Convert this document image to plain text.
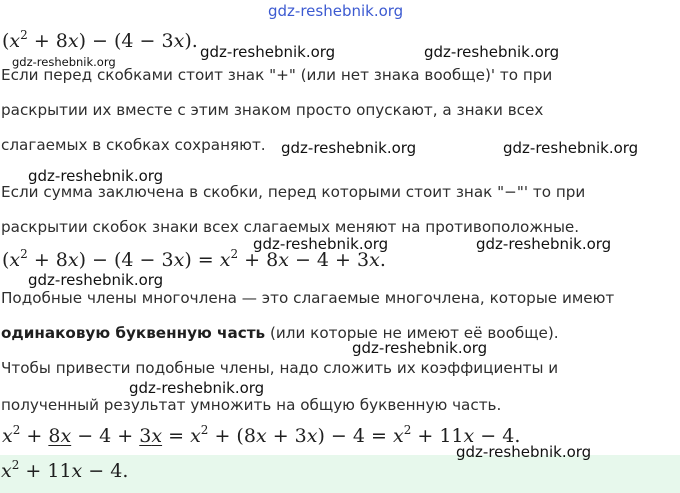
gdz-reshebnik.org
$(x^2 + 8x) - (4 - 3x)$.
Если перед скобками стоит знак "+" (или нет знака вообще)' то при
раскрытии их вместе с этим знаком просто опускают, а знаки всех
слагаемых в скобках сохраняют.
Если сумма заключена в скобки, перед которыми стоит знак "−"' то при
раскрытии скобок знаки всех слагаемых меняют на противоположные.
$(x^2 + 8x) - (4 - 3x) = x^2 + 8x - 4 + 3x$.
Подобные члены многочлена — это слагаемые многочлена, которые имеют
одинаковую буквенную часть (или которые не имеют её вообще).
Чтобы привести подобные члены, надо сложить их коэффициенты и
полученный результат умножить на общую буквенную часть.
$x^2 + 8x - 4 + 3x = x^2 + (8x + 3x) - 4 = x^2 + 11x - 4$.
$x^2 + 11x - 4$.
gdz-reshebnik.org	gdz-reshebnik.org
gdz-reshebnik.org
gdz-reshebnik.org	gdz-reshebnik.org
gdz-reshebnik.org
gdz-reshebnik.org	gdz-reshebnik.org
gdz-reshebnik.org
gdz-reshebnik.org
gdz-reshebnik.org
gdz-reshebnik.org
